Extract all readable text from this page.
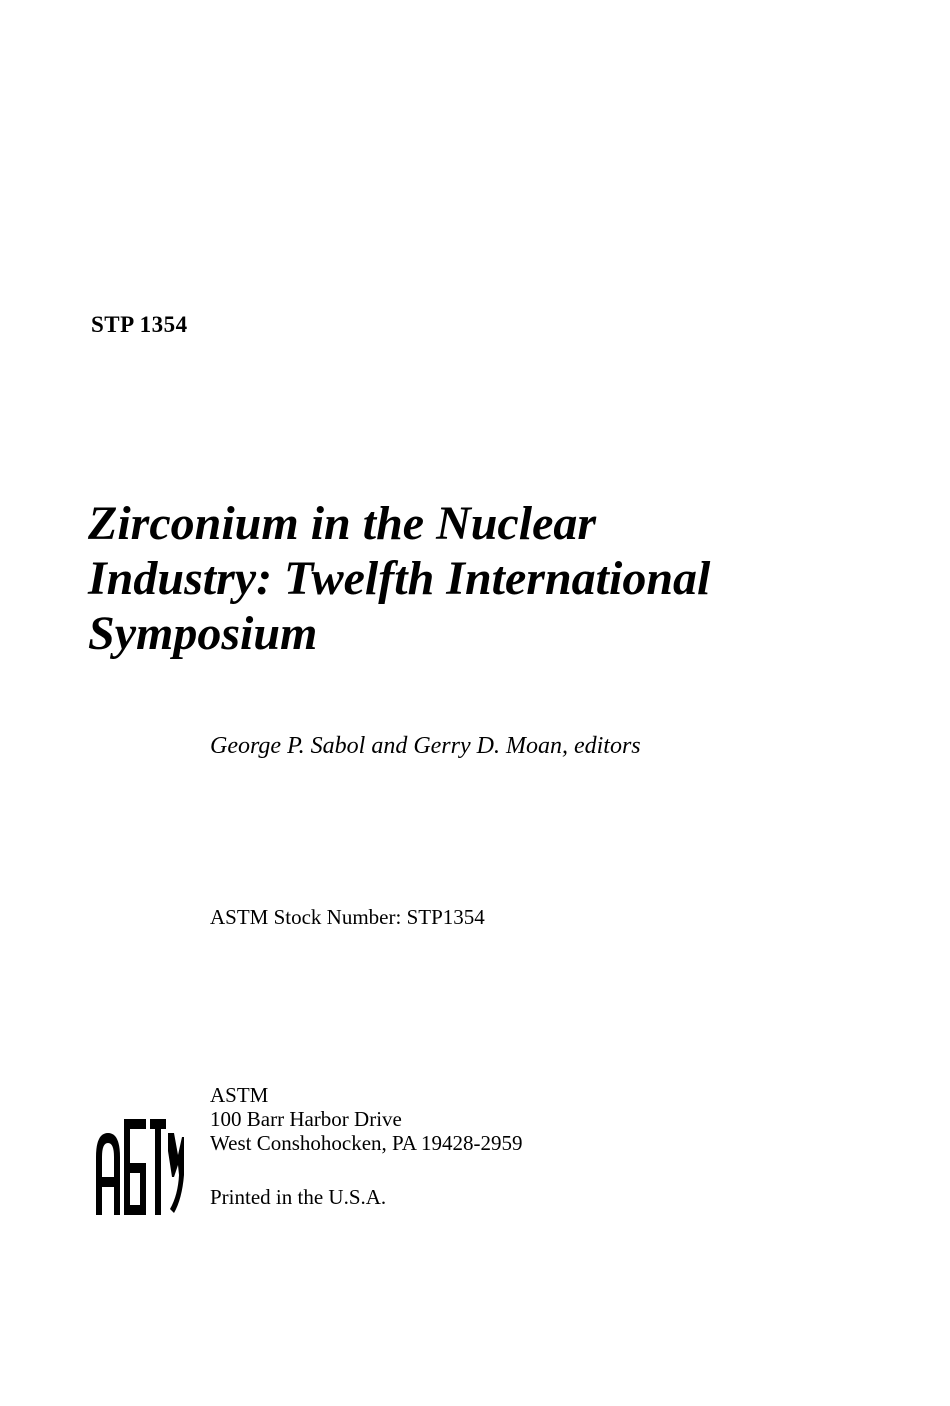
STP 1354
Zirconium in the Nuclear
Industry: Twelfth International
Symposium
George P. Sabol and Gerry D. Moan, editors
ASTM Stock Number: STP1354
ASTM
100 Barr Harbor Drive
West Conshohocken, PA 19428-2959
Printed in the U.S.A.
